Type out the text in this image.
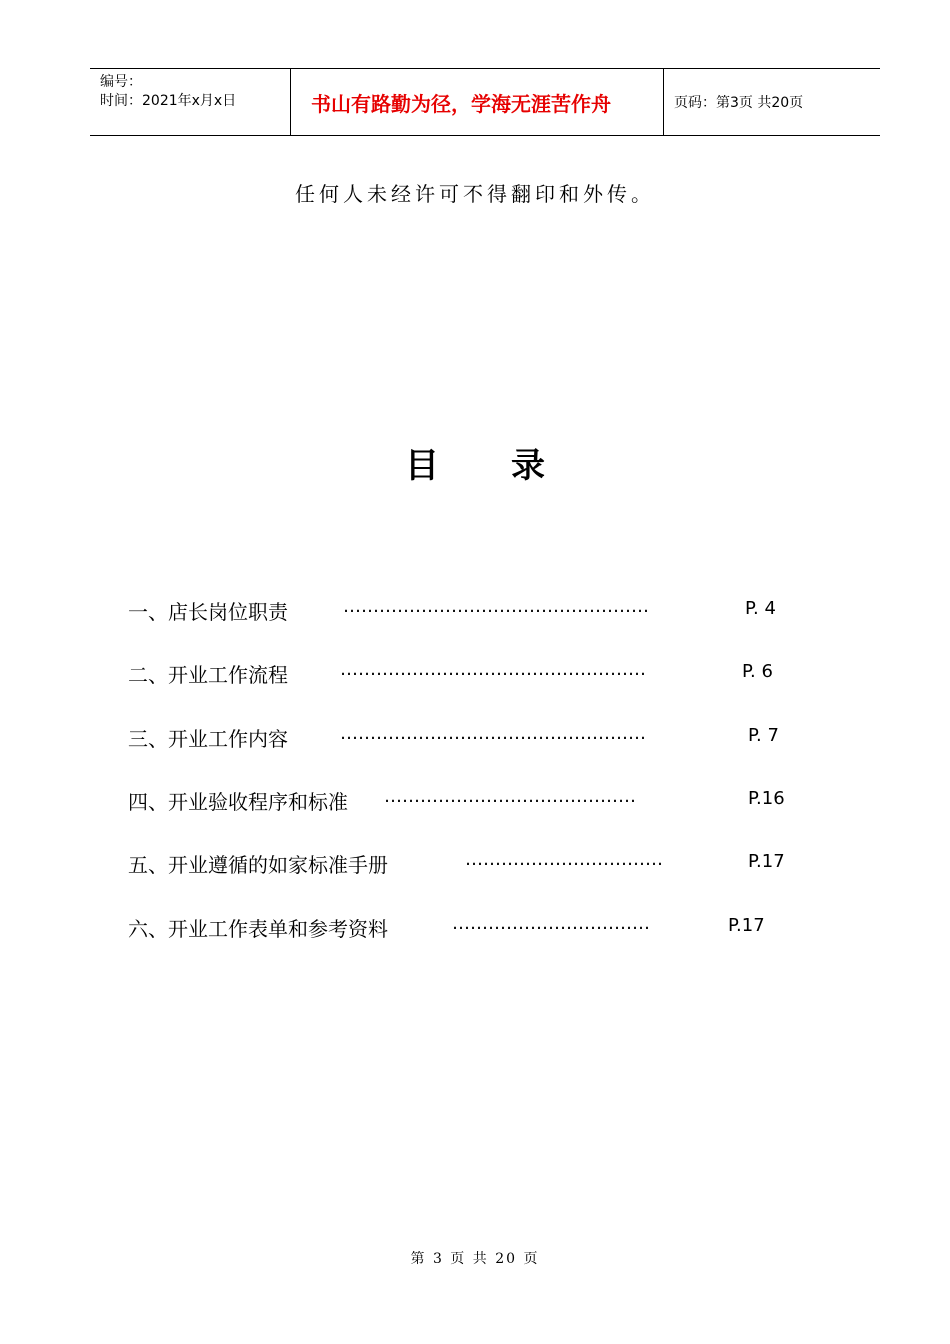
编号：
时间：2021年x月x日	书山有路勤为径，学海无涯苦作舟	页码：第3页 共20页
任何人未经许可不得翻印和外传。
目 录
一、店长岗位职责	……………………………………………	P. 4
二、开业工作流程	……………………………………………	P. 6
三、开业工作内容	……………………………………………	P. 7
四、开业验收程序和标准 ……………………………………	P.16
五、开业遵循的如家标准手册	……………………………	P.17
六、开业工作表单和参考资料	……………………………	P.17
第 3 页 共 20 页
